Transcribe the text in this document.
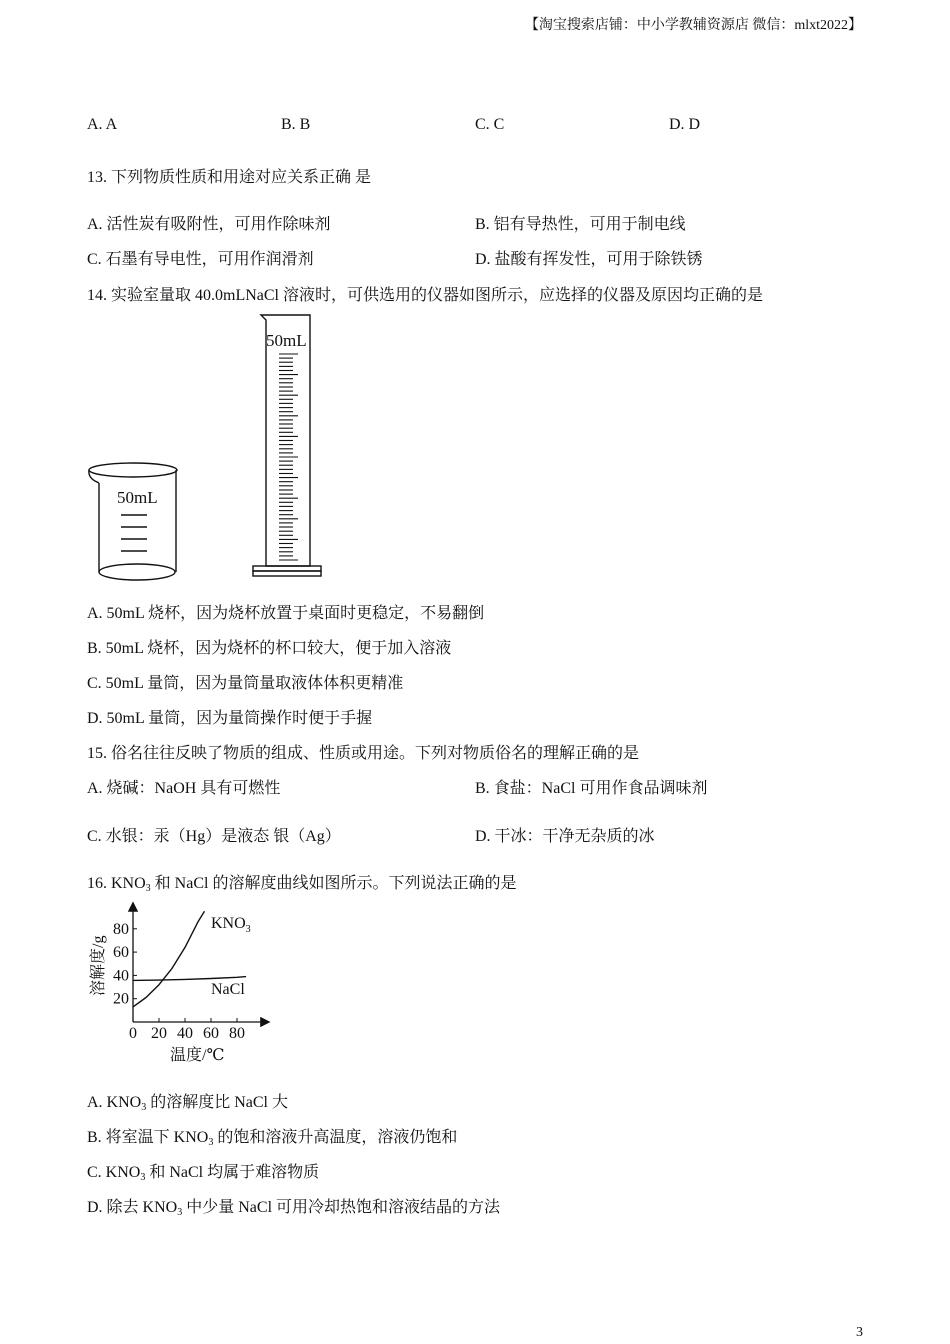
【淘宝搜索店铺：中小学教辅资源店 微信：mlxt2022】
A. A	B. B	C. C	D. D
13. 下列物质性质和用途对应关系正确 是
A. 活性炭有吸附性，可用作除味剂	B. 铝有导热性，可用于制电线
C. 石墨有导电性，可用作润滑剂	D. 盐酸有挥发性，可用于除铁锈
14. 实验室量取 40.0mLNaCl 溶液时，可供选用的仪器如图所示，应选择的仪器及原因均正确的是
50mL
50mL
A. 50mL 烧杯，因为烧杯放置于桌面时更稳定，不易翻倒
B. 50mL 烧杯，因为烧杯的杯口较大，便于加入溶液
C. 50mL 量筒，因为量筒量取液体体积更精准
D. 50mL 量筒，因为量筒操作时便于手握
15. 俗名往往反映了物质的组成、性质或用途。下列对物质俗名的理解正确的是
A. 烧碱：NaOH 具有可燃性	B. 食盐：NaCl 可用作食品调味剂
C. 水银：汞（Hg）是液态 银（Ag）	D. 干冰：干净无杂质的冰
16. $KNO_3$ 和 NaCl 的溶解度曲线如图所示。下列说法正确的是
0 20 40 60 80
20
40
60
80	$KNO_3$
NaCl
温度/℃
溶解度/g
A. $KNO_3$ 的溶解度比 NaCl 大
B. 将室温下 $KNO_3$ 的饱和溶液升高温度，溶液仍饱和
C. $KNO_3$ 和 NaCl 均属于难溶物质
D. 除去 $KNO_3$ 中少量 NaCl 可用冷却热饱和溶液结晶的方法
3
